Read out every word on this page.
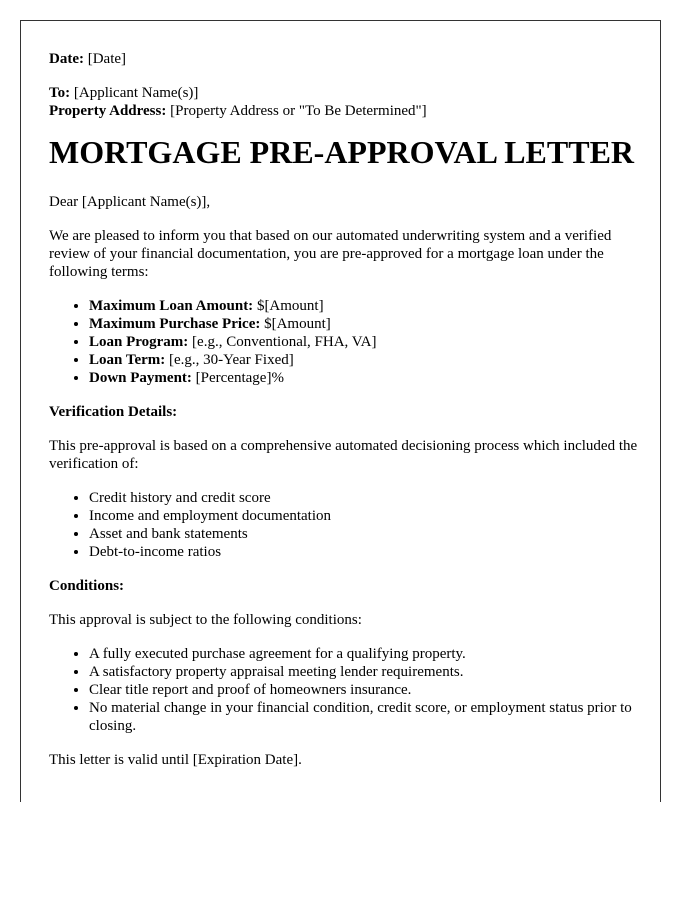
Date: [Date]

To: [Applicant Name(s)]

Property Address: [Property Address or "To Be Determined"]

MORTGAGE PRE-APPROVAL LETTER

Dear [Applicant Name(s)],

We are pleased to inform you that based on our automated underwriting system and a verified review of your financial documentation, you are pre-approved for a mortgage loan under the following terms:

• Maximum Loan Amount: $[Amount]
• Maximum Purchase Price: $[Amount]
• Loan Program: [e.g., Conventional, FHA, VA]
• Loan Term: [e.g., 30-Year Fixed]
• Down Payment: [Percentage]%

Verification Details:

This pre-approval is based on a comprehensive automated decisioning process which included the verification of:

• Credit history and credit score
• Income and employment documentation
• Asset and bank statements
• Debt-to-income ratios

Conditions:

This approval is subject to the following conditions:

• A fully executed purchase agreement for a qualifying property.
• A satisfactory property appraisal meeting lender requirements.
• Clear title report and proof of homeowners insurance.
• No material change in your financial condition, credit score, or employment status prior to closing.

This letter is valid until [Expiration Date].
